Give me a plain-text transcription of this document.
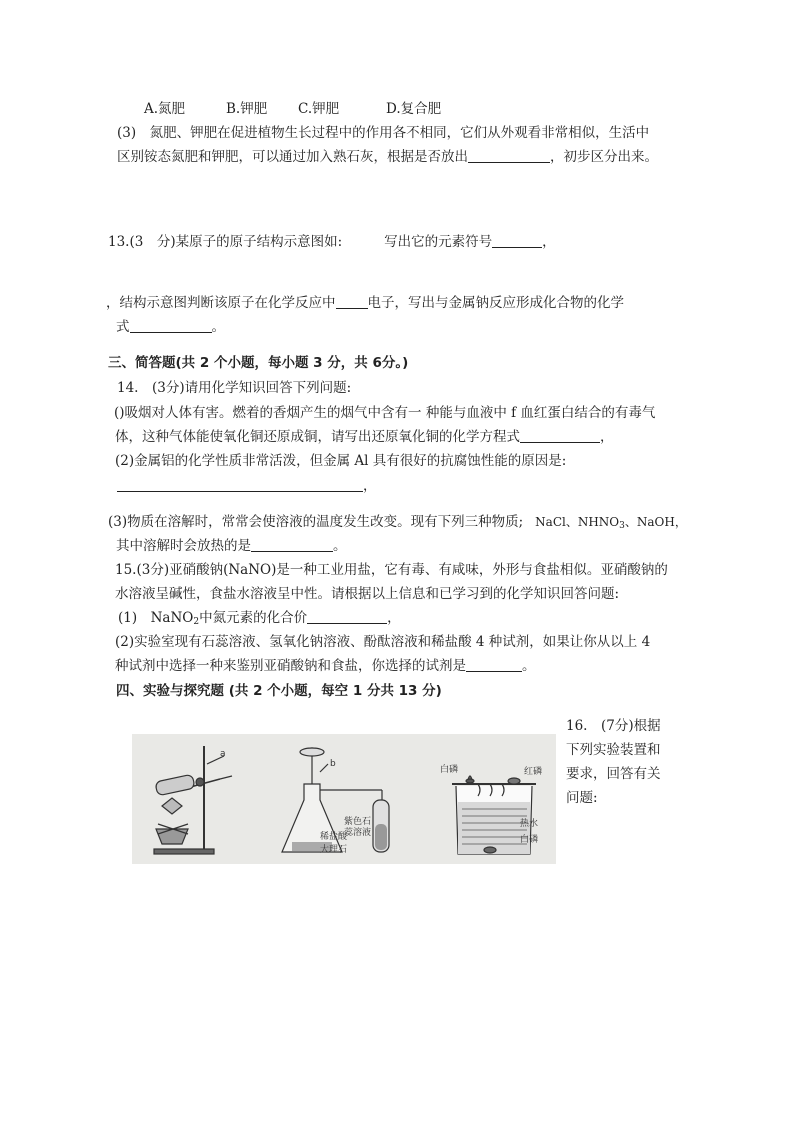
A.氮肥	B.钾肥 C.钾肥	D.复合肥
(3)　氮肥、钾肥在促进植物生长过程中的作用各不相同，它们从外观看非常相似，生活中
区别铵态氮肥和钾肥，可以通过加入熟石灰，根据是否放出	，初步区分出来。
13.(3　分)某原子的原子结构示意图如:	写出它的元素符号	，
，结构示意图判断该原子在化学反应中 电子，写出与金属钠反应形成化合物的化学
式	。
三、简答题(共 2 个小题，每小题 3 分，共 6分。)
14.　(3分)请用化学知识回答下列问题:
()吸烟对人体有害。燃着的香烟产生的烟气中含有一 种能与血液中 f 血红蛋白结合的有毒气
体，这种气体能使氧化铜还原成铜，请写出还原氧化铜的化学方程式	，
(2)金属铝的化学性质非常活泼，但金属 Al 具有很好的抗腐蚀性能的原因是:
，
(3)物质在溶解时，常常会使溶液的温度发生改变。现有下列三种物质; NaCl、$NHNO_3$、NaOH，
其中溶解时会放热的是	。
15.(3分)亚硝酸钠(NaNO)是一种工业用盐，它有毒、有咸味，外形与食盐相似。亚硝酸钠的
水溶液呈碱性，食盐水溶液呈中性。请根据以上信息和已学习到的化学知识回答问题:
(1)　NaNO$_2$中氮元素的化合价	，
(2)实验室现有石蕊溶液、氢氧化钠溶液、酚酞溶液和稀盐酸 4 种试剂，如果让你从以上 4
种试剂中选择一种来鉴别亚硝酸钠和食盐，你选择的试剂是	。
四、实验与探究题 (共 2 个小题，每空 1 分共 13 分)
16.　(7分)根据
下列实验装置和
要求，回答有关
问题:
a
b
紫色石
蕊溶液
稀盐酸
大理石
白磷	红磷
热水
白磷
